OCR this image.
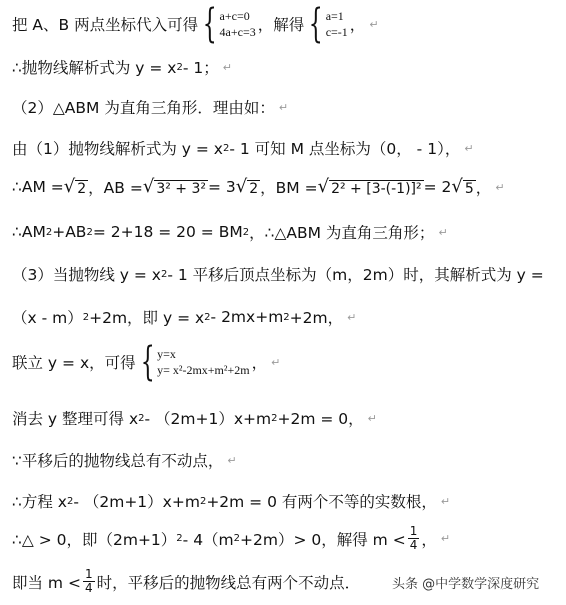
把 A、B 两点坐标代入可得 { a+c=0
4a+c=3 ，解得 { a=1
c=-1 ， ↵
∴抛物线解析式为 y = x 2 - 1； ↵
（2）△ABM 为直角三角形．理由如： ↵
由（1）抛物线解析式为 y = x 2 - 1 可知 M 点坐标为（0， - 1）， ↵
∴AM = √ 2 ，AB = √ 3² + 3² = 3 √ 2 ，BM = √ 2² + [3-(-1)]² = 2 √ 5 ， ↵
∴AM 2 +AB 2 = 2+18 = 20 = BM 2 ，∴△ABM 为直角三角形； ↵
（3）当抛物线 y = x 2 - 1 平移后顶点坐标为（m，2m）时，其解析式为 y =
（x - m） 2 +2m，即 y = x 2 - 2mx+m 2 +2m， ↵
联立 y = x，可得 { y=x
y= x²-2mx+m²+2m ， ↵
消去 y 整理可得 x 2 - （2m+1）x+m 2 +2m = 0， ↵
∵平移后的抛物线总有不动点， ↵
∴方程 x 2 - （2m+1）x+m 2 +2m = 0 有两个不等的实数根， ↵
∴△ > 0，即（2m+1） 2 - 4（m 2 +2m）> 0，解得 $m < \frac{1}{4}$ ， ↵
即当 $m < \frac{1}{4}$ 时，平移后的抛物线总有两个不动点． 头条 @中学数学深度研究
